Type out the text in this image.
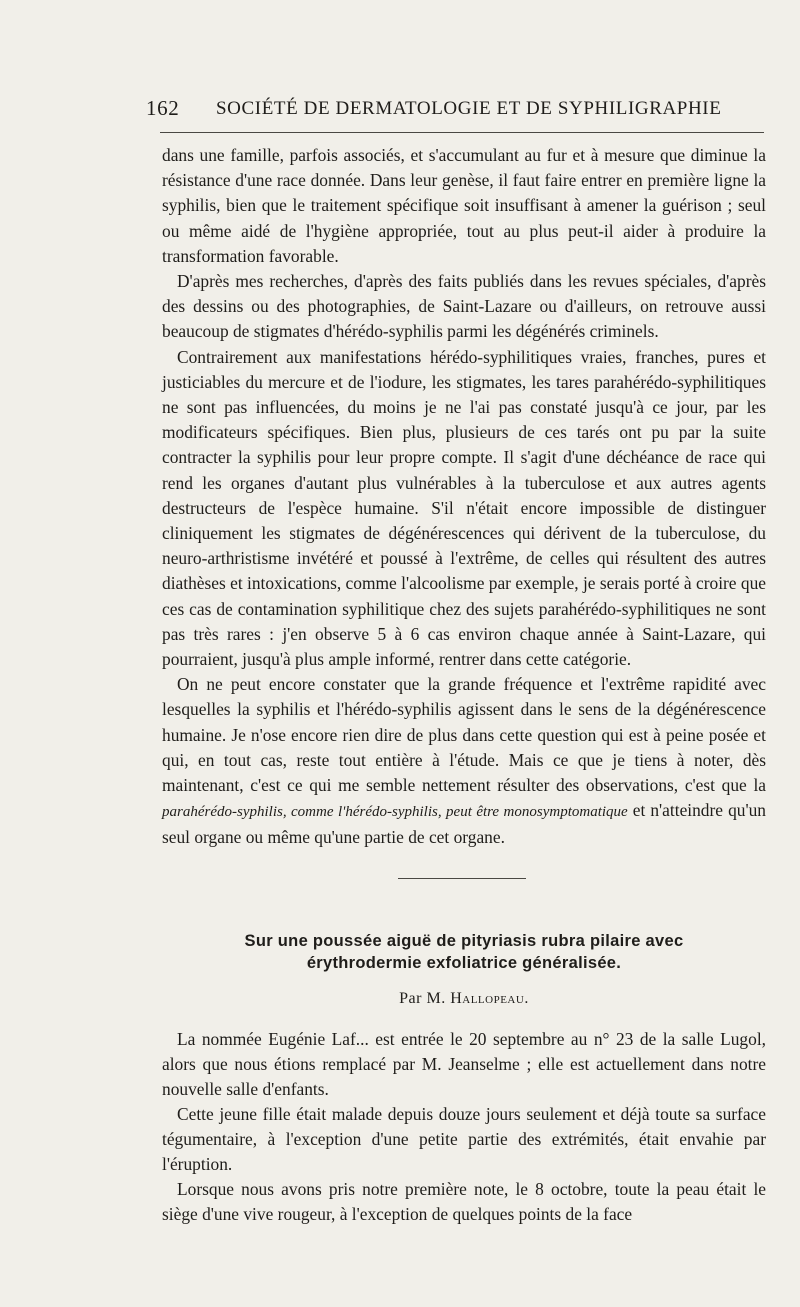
162 SOCIÉTÉ DE DERMATOLOGIE ET DE SYPHILIGRAPHIE

dans une famille, parfois associés, et s'accumulant au fur et à mesure que diminue la résistance d'une race donnée. Dans leur genèse, il faut faire entrer en première ligne la syphilis, bien que le traitement spécifique soit insuffisant à amener la guérison ; seul ou même aidé de l'hygiène appropriée, tout au plus peut-il aider à produire la transformation favorable.

D'après mes recherches, d'après des faits publiés dans les revues spéciales, d'après des dessins ou des photographies, de Saint-Lazare ou d'ailleurs, on retrouve aussi beaucoup de stigmates d'hérédo-syphilis parmi les dégénérés criminels.

Contrairement aux manifestations hérédo-syphilitiques vraies, franches, pures et justiciables du mercure et de l'iodure, les stigmates, les tares parahérédo-syphilitiques ne sont pas influencées, du moins je ne l'ai pas constaté jusqu'à ce jour, par les modificateurs spécifiques. Bien plus, plusieurs de ces tarés ont pu par la suite contracter la syphilis pour leur propre compte. Il s'agit d'une déchéance de race qui rend les organes d'autant plus vulnérables à la tuberculose et aux autres agents destructeurs de l'espèce humaine. S'il n'était encore impossible de distinguer cliniquement les stigmates de dégénérescences qui dérivent de la tuberculose, du neuro-arthristisme invétéré et poussé à l'extrême, de celles qui résultent des autres diathèses et intoxications, comme l'alcoolisme par exemple, je serais porté à croire que ces cas de contamination syphilitique chez des sujets parahérédo-syphilitiques ne sont pas très rares : j'en observe 5 à 6 cas environ chaque année à Saint-Lazare, qui pourraient, jusqu'à plus ample informé, rentrer dans cette catégorie.

On ne peut encore constater que la grande fréquence et l'extrême rapidité avec lesquelles la syphilis et l'hérédo-syphilis agissent dans le sens de la dégénérescence humaine. Je n'ose encore rien dire de plus dans cette question qui est à peine posée et qui, en tout cas, reste tout entière à l'étude. Mais ce que je tiens à noter, dès maintenant, c'est ce qui me semble nettement résulter des observations, c'est que la parahérédo-syphilis, comme l'hérédo-syphilis, peut être monosymptomatique et n'atteindre qu'un seul organe ou même qu'une partie de cet organe.

Sur une poussée aiguë de pityriasis rubra pilaire avec
érythrodermie exfoliatrice généralisée.
Par M. Hallopeau.

La nommée Eugénie Laf... est entrée le 20 septembre au n° 23 de la salle Lugol, alors que nous étions remplacé par M. Jeanselme ; elle est actuellement dans notre nouvelle salle d'enfants.

Cette jeune fille était malade depuis douze jours seulement et déjà toute sa surface tégumentaire, à l'exception d'une petite partie des extrémités, était envahie par l'éruption.

Lorsque nous avons pris notre première note, le 8 octobre, toute la peau était le siège d'une vive rougeur, à l'exception de quelques points de la face
